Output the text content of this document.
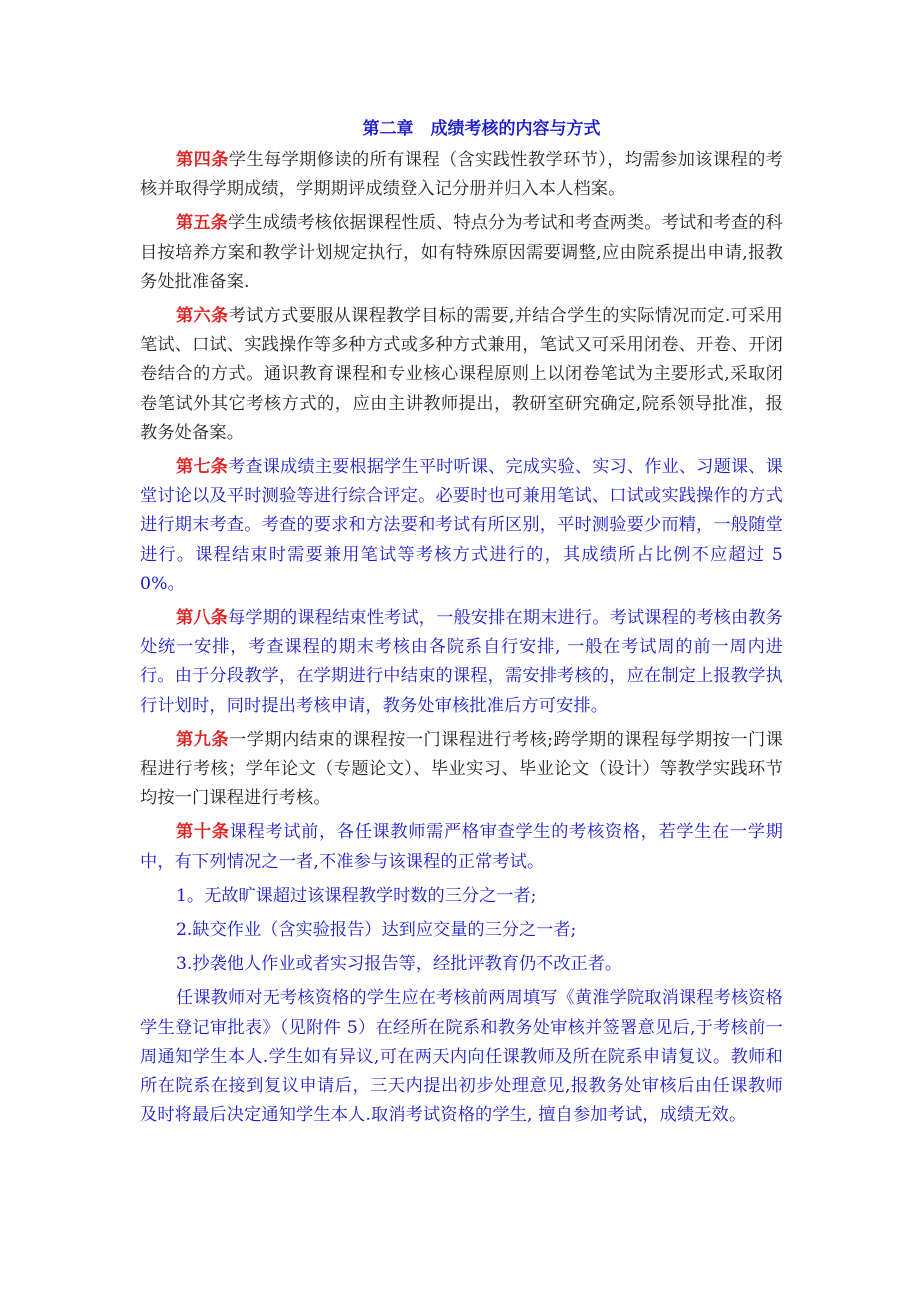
第二章　成绩考核的内容与方式

第四条学生每学期修读的所有课程（含实践性教学环节），均需参加该课程的考核并取得学期成绩，学期期评成绩登入记分册并归入本人档案。

第五条学生成绩考核依据课程性质、特点分为考试和考查两类。考试和考查的科目按培养方案和教学计划规定执行，如有特殊原因需要调整,应由院系提出申请,报教务处批准备案.

第六条考试方式要服从课程教学目标的需要,并结合学生的实际情况而定.可采用笔试、口试、实践操作等多种方式或多种方式兼用，笔试又可采用闭卷、开卷、开闭卷结合的方式。通识教育课程和专业核心课程原则上以闭卷笔试为主要形式,采取闭卷笔试外其它考核方式的，应由主讲教师提出，教研室研究确定,院系领导批准，报教务处备案。

第七条考查课成绩主要根据学生平时听课、完成实验、实习、作业、习题课、课堂讨论以及平时测验等进行综合评定。必要时也可兼用笔试、口试或实践操作的方式进行期末考查。考查的要求和方法要和考试有所区别，平时测验要少而精，一般随堂进行。课程结束时需要兼用笔试等考核方式进行的，其成绩所占比例不应超过 50%。

第八条每学期的课程结束性考试，一般安排在期末进行。考试课程的考核由教务处统一安排，考查课程的期末考核由各院系自行安排, 一般在考试周的前一周内进行。由于分段教学，在学期进行中结束的课程，需安排考核的，应在制定上报教学执行计划时，同时提出考核申请，教务处审核批准后方可安排。

第九条一学期内结束的课程按一门课程进行考核;跨学期的课程每学期按一门课程进行考核；学年论文（专题论文）、毕业实习、毕业论文（设计）等教学实践环节均按一门课程进行考核。

第十条课程考试前，各任课教师需严格审查学生的考核资格，若学生在一学期中，有下列情况之一者,不准参与该课程的正常考试。

1。无故旷课超过该课程教学时数的三分之一者;

2.缺交作业（含实验报告）达到应交量的三分之一者;

3.抄袭他人作业或者实习报告等，经批评教育仍不改正者。

任课教师对无考核资格的学生应在考核前两周填写《黄淮学院取消课程考核资格学生登记审批表》（见附件 5）在经所在院系和教务处审核并签署意见后,于考核前一周通知学生本人.学生如有异议,可在两天内向任课教师及所在院系申请复议。教师和所在院系在接到复议申请后，三天内提出初步处理意见,报教务处审核后由任课教师及时将最后决定通知学生本人.取消考试资格的学生, 擅自参加考试，成绩无效。
